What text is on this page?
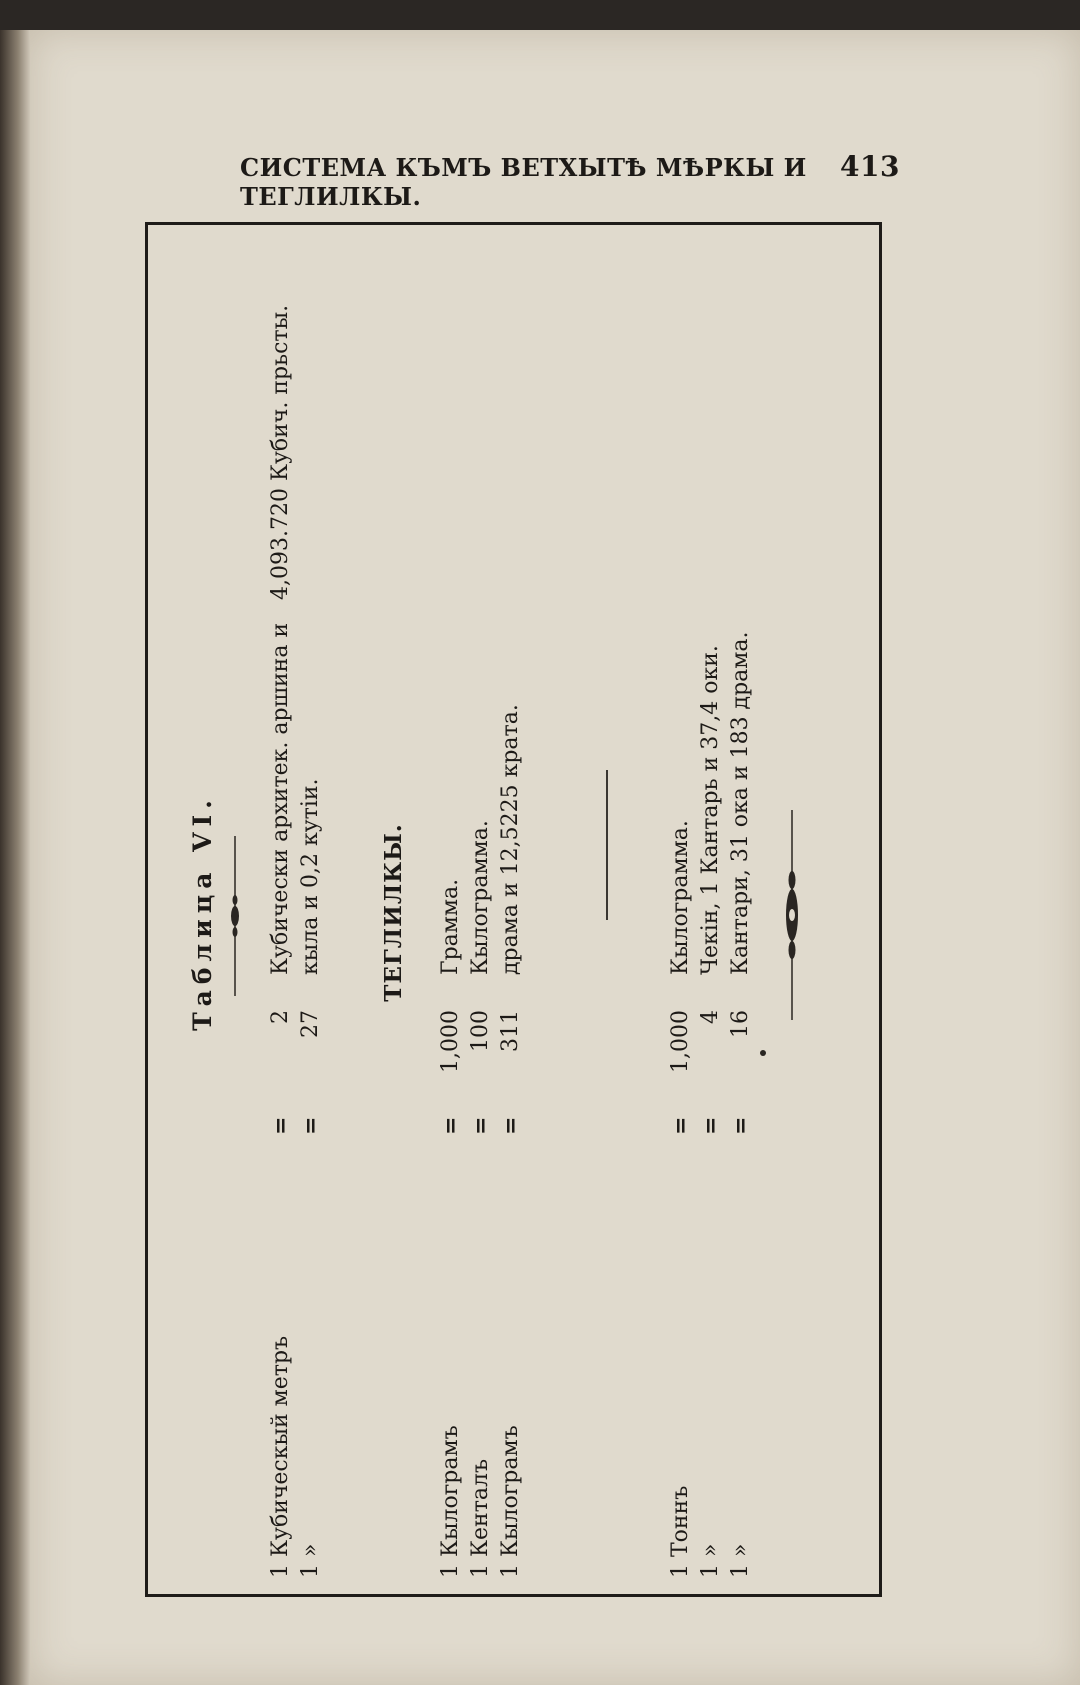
СИСТЕМА КЪМЪ ВЕТХЫТѢ МѢРКЫ И ТЕГЛИЛКЫ.
413
Таблица VI.
1 Кубическый метръ
=
2
Кубически архитек. аршина и
4,093.720 Кубич. прьсты.
1 »
=
27
кыла и 0,2 кутіи. ТЕГЛИЛКЫ.
1 Кылограмъ
=
1,000
Грамма.
1 Кенталъ
=
100
Кылограмма.
1 Кылограмъ
=
311
драма и 12,5225 крата.
1 Тоннъ
=
1,000
Кылограмма.
1 »
=
4
Чекін, 1 Кантарь и 37,4 оки.
1 »
=
16
Кантари, 31 ока и 183 драма.
